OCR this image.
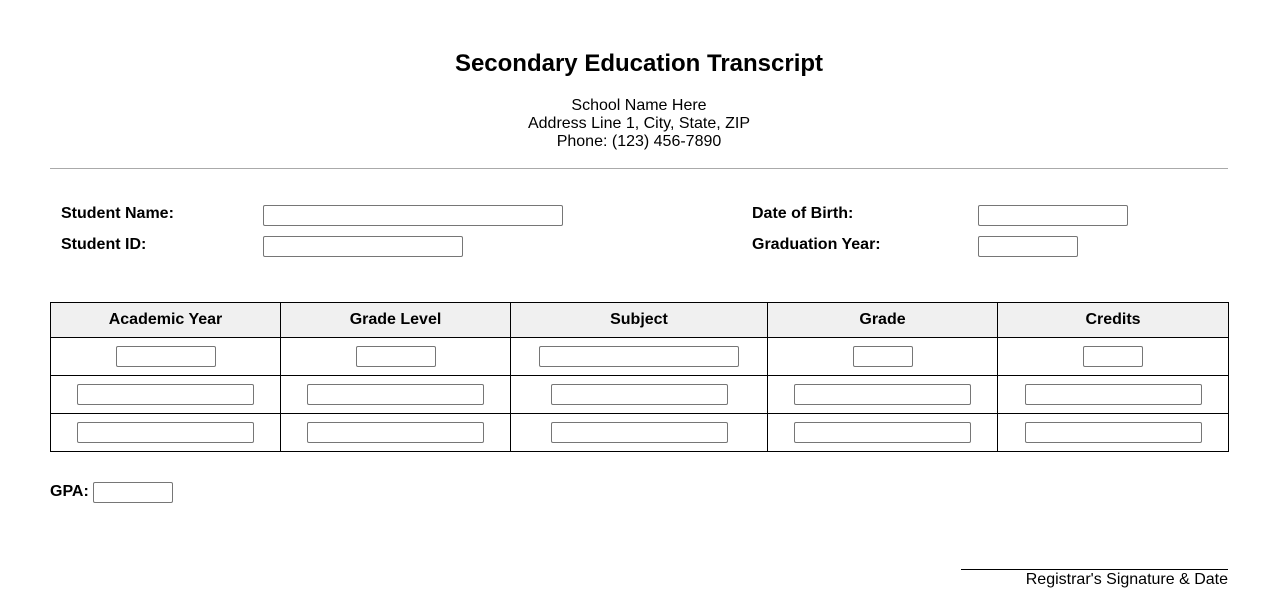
Secondary Education Transcript
School Name Here
Address Line 1, City, State, ZIP
Phone: (123) 456-7890
Student Name:
Student ID:
Date of Birth:
Graduation Year:
Academic Year	Grade Level	Subject	Grade	Credits

GPA:
Registrar's Signature & Date
